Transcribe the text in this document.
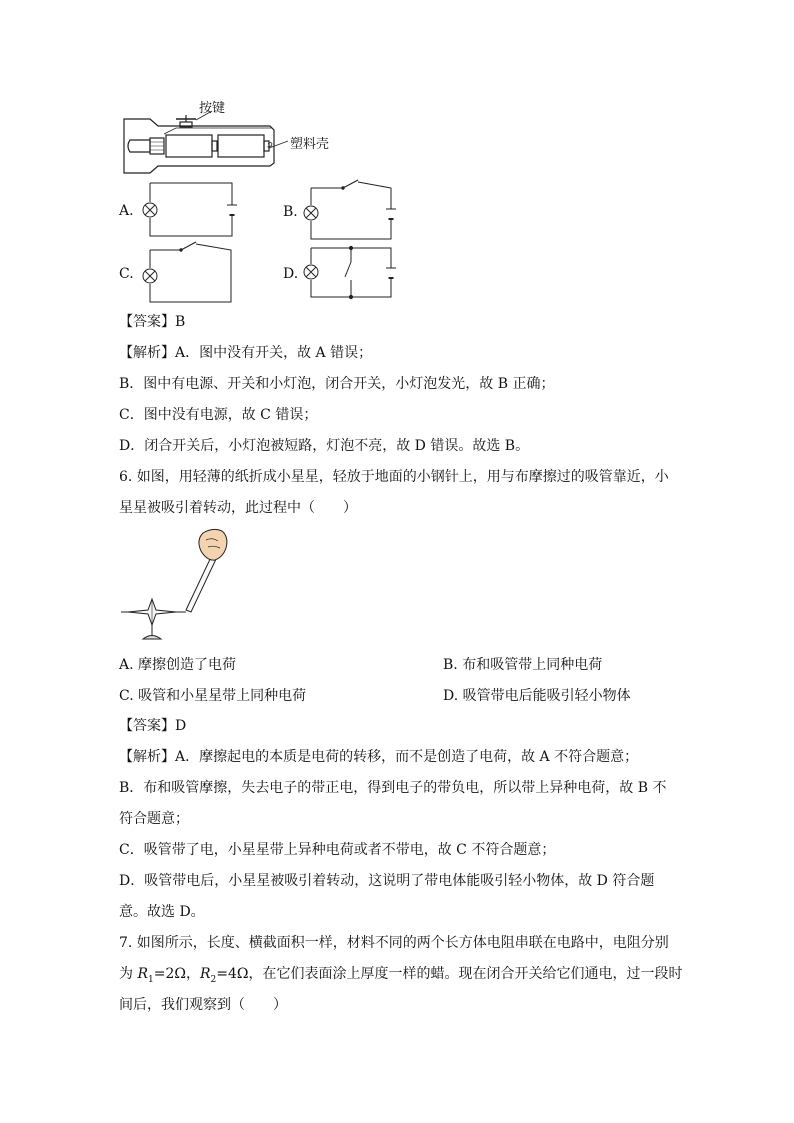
按键
塑料壳
A.	B.
C.	D.
【答案】B
【解析】A．图中没有开关，故 A 错误；
B．图中有电源、开关和小灯泡，闭合开关，小灯泡发光，故 B 正确；
C．图中没有电源，故 C 错误；
D．闭合开关后，小灯泡被短路，灯泡不亮，故 D 错误。故选 B。
6. 如图，用轻薄的纸折成小星星，轻放于地面的小钢针上，用与布摩擦过的吸管靠近，小
星星被吸引着转动，此过程中（　　）
A. 摩擦创造了电荷	B. 布和吸管带上同种电荷
C. 吸管和小星星带上同种电荷	D. 吸管带电后能吸引轻小物体
【答案】D
【解析】A．摩擦起电的本质是电荷的转移，而不是创造了电荷，故 A 不符合题意；
B．布和吸管摩擦，失去电子的带正电，得到电子的带负电，所以带上异种电荷，故 B 不
符合题意；
C．吸管带了电，小星星带上异种电荷或者不带电，故 C 不符合题意；
D．吸管带电后，小星星被吸引着转动，这说明了带电体能吸引轻小物体，故 D 符合题
意。故选 D。
7. 如图所示，长度、横截面积一样，材料不同的两个长方体电阻串联在电路中，电阻分别
为 $R_1=2\Omega$，$R_2=4\Omega$，在它们表面涂上厚度一样的蜡。现在闭合开关给它们通电，过一段时
间后，我们观察到（　　）
